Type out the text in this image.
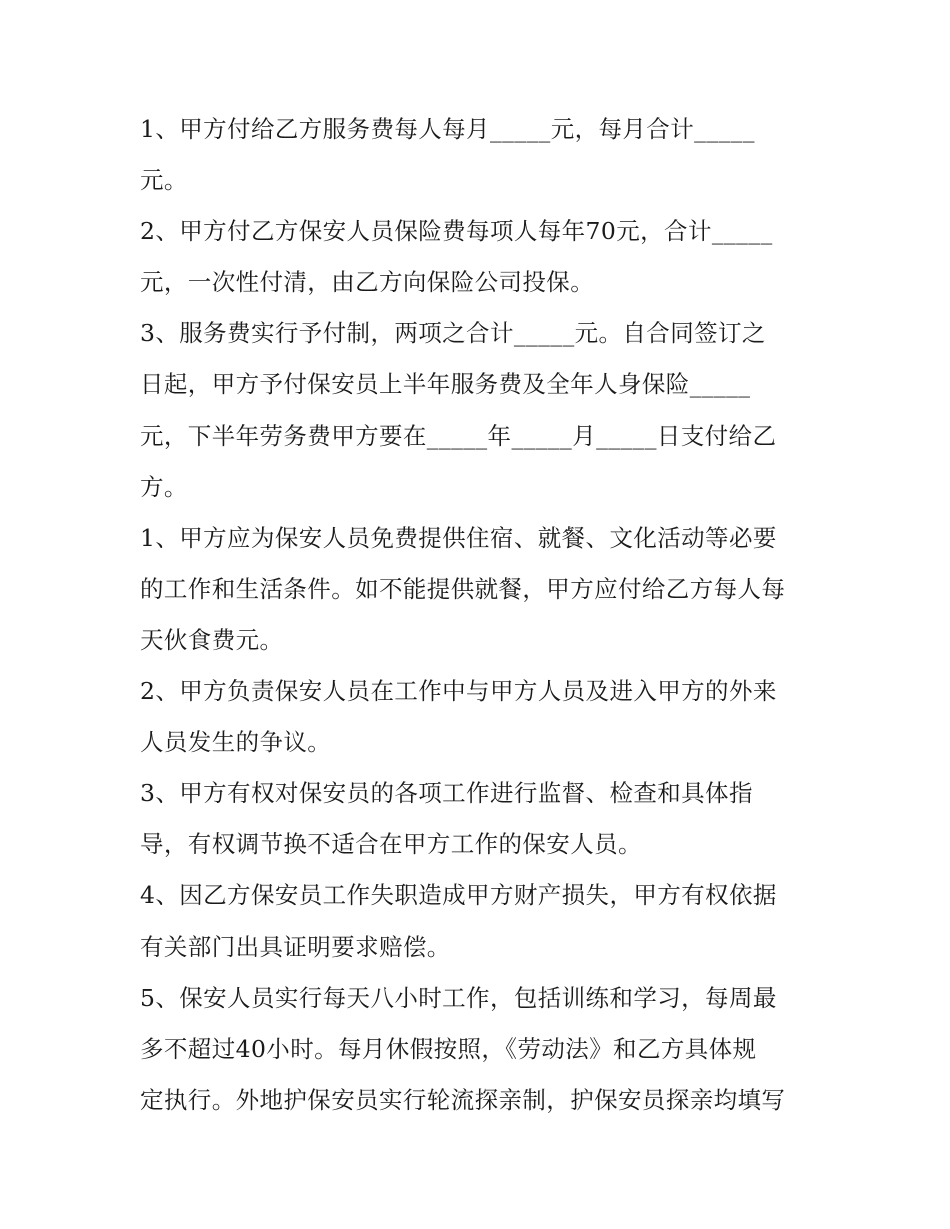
1、甲方付给乙方服务费每人每月_____元，每月合计_____
元。
2、甲方付乙方保安人员保险费每项人每年70元，合计_____
元，一次性付清，由乙方向保险公司投保。
3、服务费实行予付制，两项之合计_____元。自合同签订之
日起，甲方予付保安员上半年服务费及全年人身保险_____
元，下半年劳务费甲方要在_____年_____月_____日支付给乙
方。
1、甲方应为保安人员免费提供住宿、就餐、文化活动等必要
的工作和生活条件。如不能提供就餐，甲方应付给乙方每人每
天伙食费元。
2、甲方负责保安人员在工作中与甲方人员及进入甲方的外来
人员发生的争议。
3、甲方有权对保安员的各项工作进行监督、检查和具体指
导，有权调节换不适合在甲方工作的保安人员。
4、因乙方保安员工作失职造成甲方财产损失，甲方有权依据
有关部门出具证明要求赔偿。
5、保安人员实行每天八小时工作，包括训练和学习，每周最
多不超过40小时。每月休假按照，《劳动法》和乙方具体规
定执行。外地护保安员实行轮流探亲制，护保安员探亲均填写
